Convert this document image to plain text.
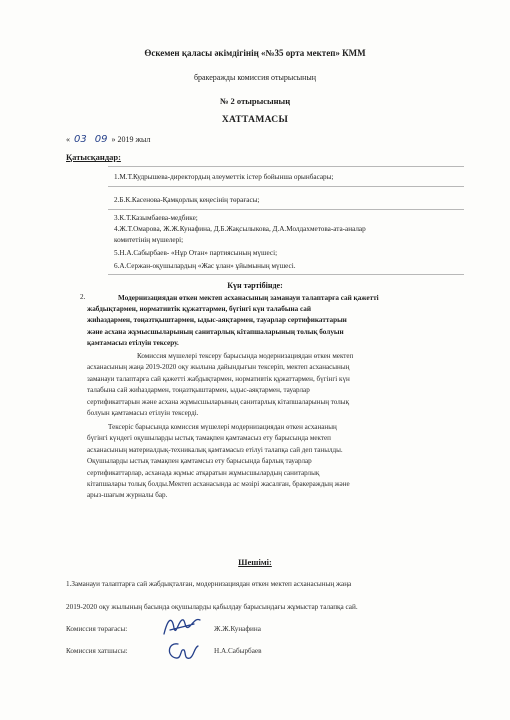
Өскемен қаласы әкімдігінің «№35 орта мектеп» КММ
бракеражды комиссия отырысының
№ 2 отырысының
ХАТТАМАСЫ
« 03 09 » 2019 жыл
Қатысқандар:
1.М.Т.Кудрышева-директордың әлеуметтік істер бойынша орынбасары;
2.Б.К.Касенова-Қамқорлық кеңесінің төрағасы;
3.К.Т.Казымбаева-медбике;
4.Ж.Т.Омарова, Ж.Ж.Кунафина, Д.Б.Жақсылыкова, Д.А.Молдахметова-ата-аналар
комитетінің мүшелері;
5.Н.А.Сабырбаев- «Нұр Отан» партиясының мүшесі;
6.А.Сержан-оқушылардың «Жас ұлан» ұйымының мүшесі.
Күн тәртібінде:
2.	Модернизациядан өткен мектеп асханасының заманауи талаптарға сай қажетті
жабдықтармен, нормативтік құжаттармен, бүгінгі күн талабына сай
жиһаздармен, тоңазтқыштармен, ыдыс-аяқтармен, тауарлар сертификаттарын
және асхана жұмысшыларының санитарлық кітапшаларының толық болуын
қамтамасыз етілуін тексеру.
Комиссия мүшелері тексеру барысында модернизациядан өткен мектеп
асханасының жаңа 2019-2020 оқу жылына дайындығын тексеріп, мектеп асханасының
заманауи талаптарға сай қажетті жабдықтармен, нормативтік құжаттармен, бүгінгі күн
талабына сай жиһаздармен, тоңазтқыштармен, ыдыс-аяқтармен, тауарлар
сертификаттарын және асхана жұмысшыларының санитарлық кітапшаларының толық
болуын қамтамасыз етілуін тексерді.
Тексеріс барысында комиссия мүшелері модернизациядан өткен асхананың
бүгінгі күндегі оқушыларды ыстық тамақпен қамтамасыз ету барысында мектеп
асханасының материалдық-техникалық қамтамасыз етілуі талапқа сай деп танылды.
Оқушыларды ыстық тамақпен қамтамсыз ету барысында барлық тауарлар
сертификаттарлар, асханада жұмыс атқаратын жұмысшылардың санитарлық
кітапшалары толық болды.Мектеп асханасында ас мәзірі жасалған, бракераждың және
арыз-шағым журналы бар.
Шешімі:
1.Заманауи талаптарға сай жабдықталған, модернизациядан өткен мектеп асханасының жаңа
2019-2020 оқу жылының басында оқушыларды қабылдау барысындағы жұмыстар талапқа сай.
Комиссия төрағасы:	Ж.Ж.Кунафина
Комиссия хатшысы:	Н.А.Сабырбаев
